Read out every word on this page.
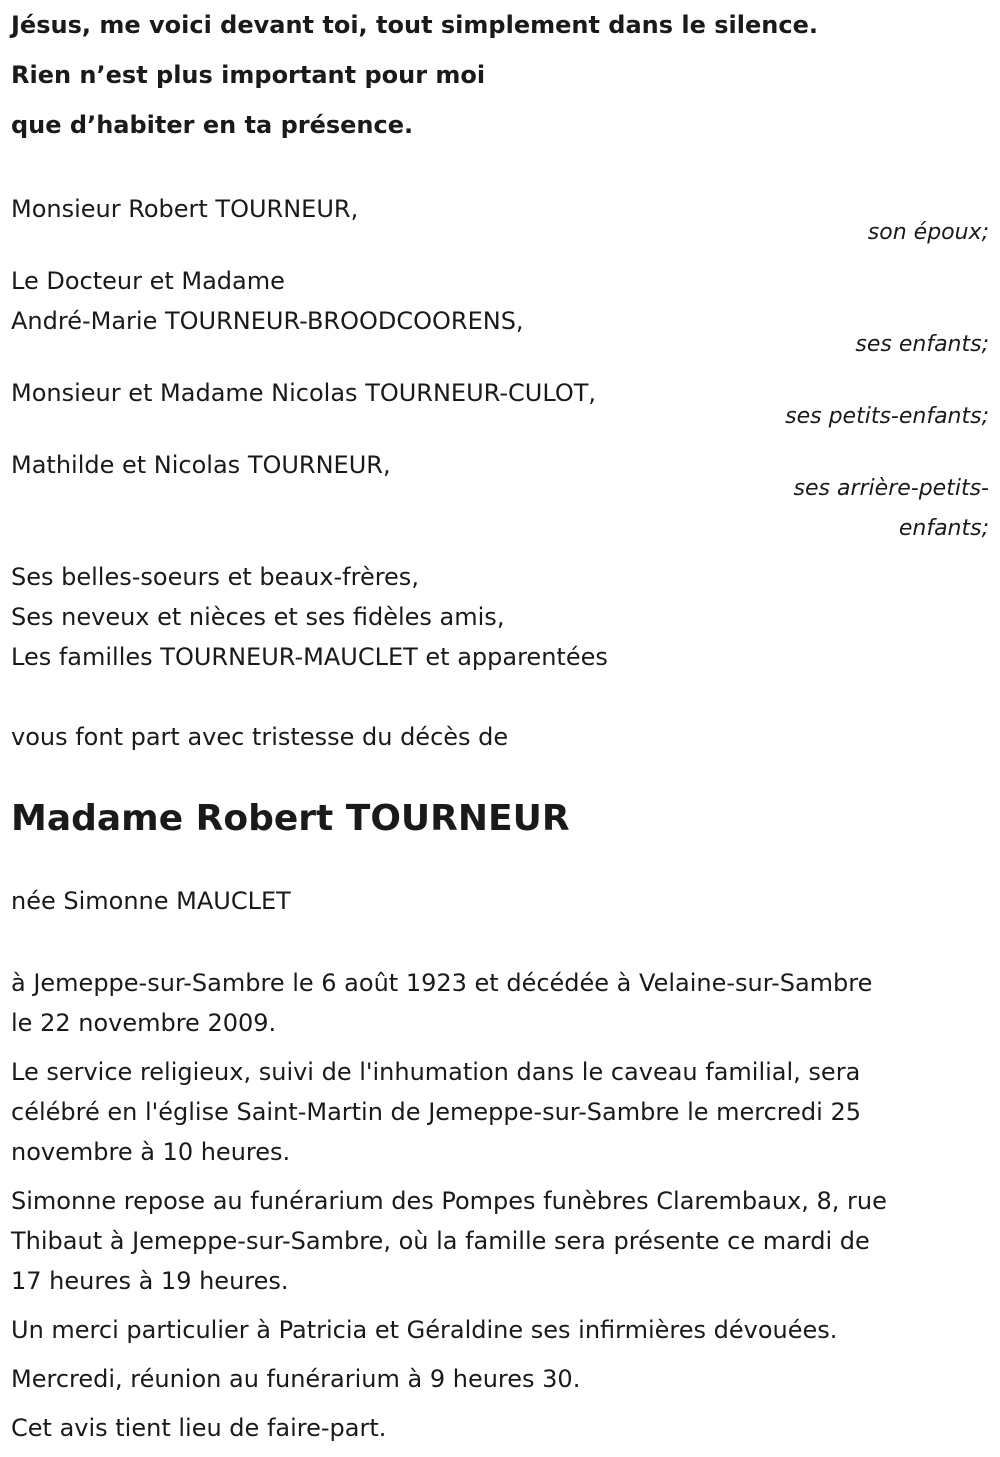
Jésus, me voici devant toi, tout simplement dans le silence.
Rien n’est plus important pour moi
que d’habiter en ta présence.
Monsieur Robert TOURNEUR,
son époux;
Le Docteur et Madame
André-Marie TOURNEUR-BROODCOORENS,
ses enfants;
Monsieur et Madame Nicolas TOURNEUR-CULOT,
ses petits-enfants;
Mathilde et Nicolas TOURNEUR,
ses arrière-petits-
enfants;
Ses belles-soeurs et beaux-frères,
Ses neveux et nièces et ses fidèles amis,
Les familles TOURNEUR-MAUCLET et apparentées
vous font part avec tristesse du décès de
Madame Robert TOURNEUR
née Simonne MAUCLET
à Jemeppe-sur-Sambre le 6 août 1923 et décédée à Velaine-sur-Sambre
le 22 novembre 2009.
Le service religieux, suivi de l'inhumation dans le caveau familial, sera
célébré en l'église Saint-Martin de Jemeppe-sur-Sambre le mercredi 25
novembre à 10 heures.
Simonne repose au funérarium des Pompes funèbres Clarembaux, 8, rue
Thibaut à Jemeppe-sur-Sambre, où la famille sera présente ce mardi de
17 heures à 19 heures.
Un merci particulier à Patricia et Géraldine ses infirmières dévouées.
Mercredi, réunion au funérarium à 9 heures 30.
Cet avis tient lieu de faire-part.
